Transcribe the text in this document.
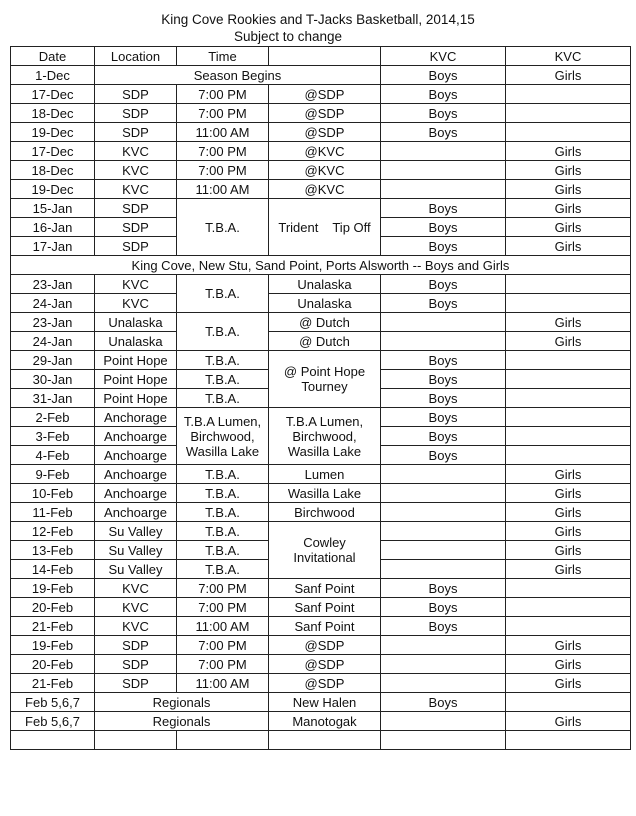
King Cove Rookies and T-Jacks Basketball, 2014,15
Subject to change
Date	Location	Time		KVC	KVC
1-Dec	Season Begins			Boys	Girls
17-Dec	SDP	7:00 PM	@SDP	Boys	
18-Dec	SDP	7:00 PM	@SDP	Boys	
19-Dec	SDP	11:00 AM	@SDP	Boys	
17-Dec	KVC	7:00 PM	@KVC		Girls
18-Dec	KVC	7:00 PM	@KVC		Girls
19-Dec	KVC	11:00 AM	@KVC		Girls
15-Jan	SDP	T.B.A.	Trident Tip Off	Boys	Girls
16-Jan	SDP			Boys	Girls
17-Jan	SDP			Boys	Girls
King Cove, New Stu, Sand Point, Ports Alsworth -- Boys and Girls					
23-Jan	KVC	T.B.A.	Unalaska	Boys	
24-Jan	KVC		Unalaska	Boys	
23-Jan	Unalaska	T.B.A.	@ Dutch		Girls
24-Jan	Unalaska		@ Dutch		Girls
29-Jan	Point Hope	T.B.A.	@ Point Hope Tourney	Boys	
30-Jan	Point Hope	T.B.A.		Boys	
31-Jan	Point Hope	T.B.A.		Boys	
2-Feb	Anchorage	T.B.A Lumen, Birchwood, Wasilla Lake	T.B.A Lumen, Birchwood, Wasilla Lake	Boys	
3-Feb	Anchoarge			Boys	
4-Feb	Anchoarge			Boys	
9-Feb	Anchoarge	T.B.A.	Lumen		Girls
10-Feb	Anchoarge	T.B.A.	Wasilla Lake		Girls
11-Feb	Anchoarge	T.B.A.	Birchwood		Girls
12-Feb	Su Valley	T.B.A.	Cowley Invitational		Girls
13-Feb	Su Valley	T.B.A.			Girls
14-Feb	Su Valley	T.B.A.			Girls
19-Feb	KVC	7:00 PM	Sanf Point	Boys	
20-Feb	KVC	7:00 PM	Sanf Point	Boys	
21-Feb	KVC	11:00 AM	Sanf Point	Boys	
19-Feb	SDP	7:00 PM	@SDP		Girls
20-Feb	SDP	7:00 PM	@SDP		Girls
21-Feb	SDP	11:00 AM	@SDP		Girls
Feb 5,6,7	Regionals		New Halen	Boys	
Feb 5,6,7	Regionals		Manotogak		Girls
